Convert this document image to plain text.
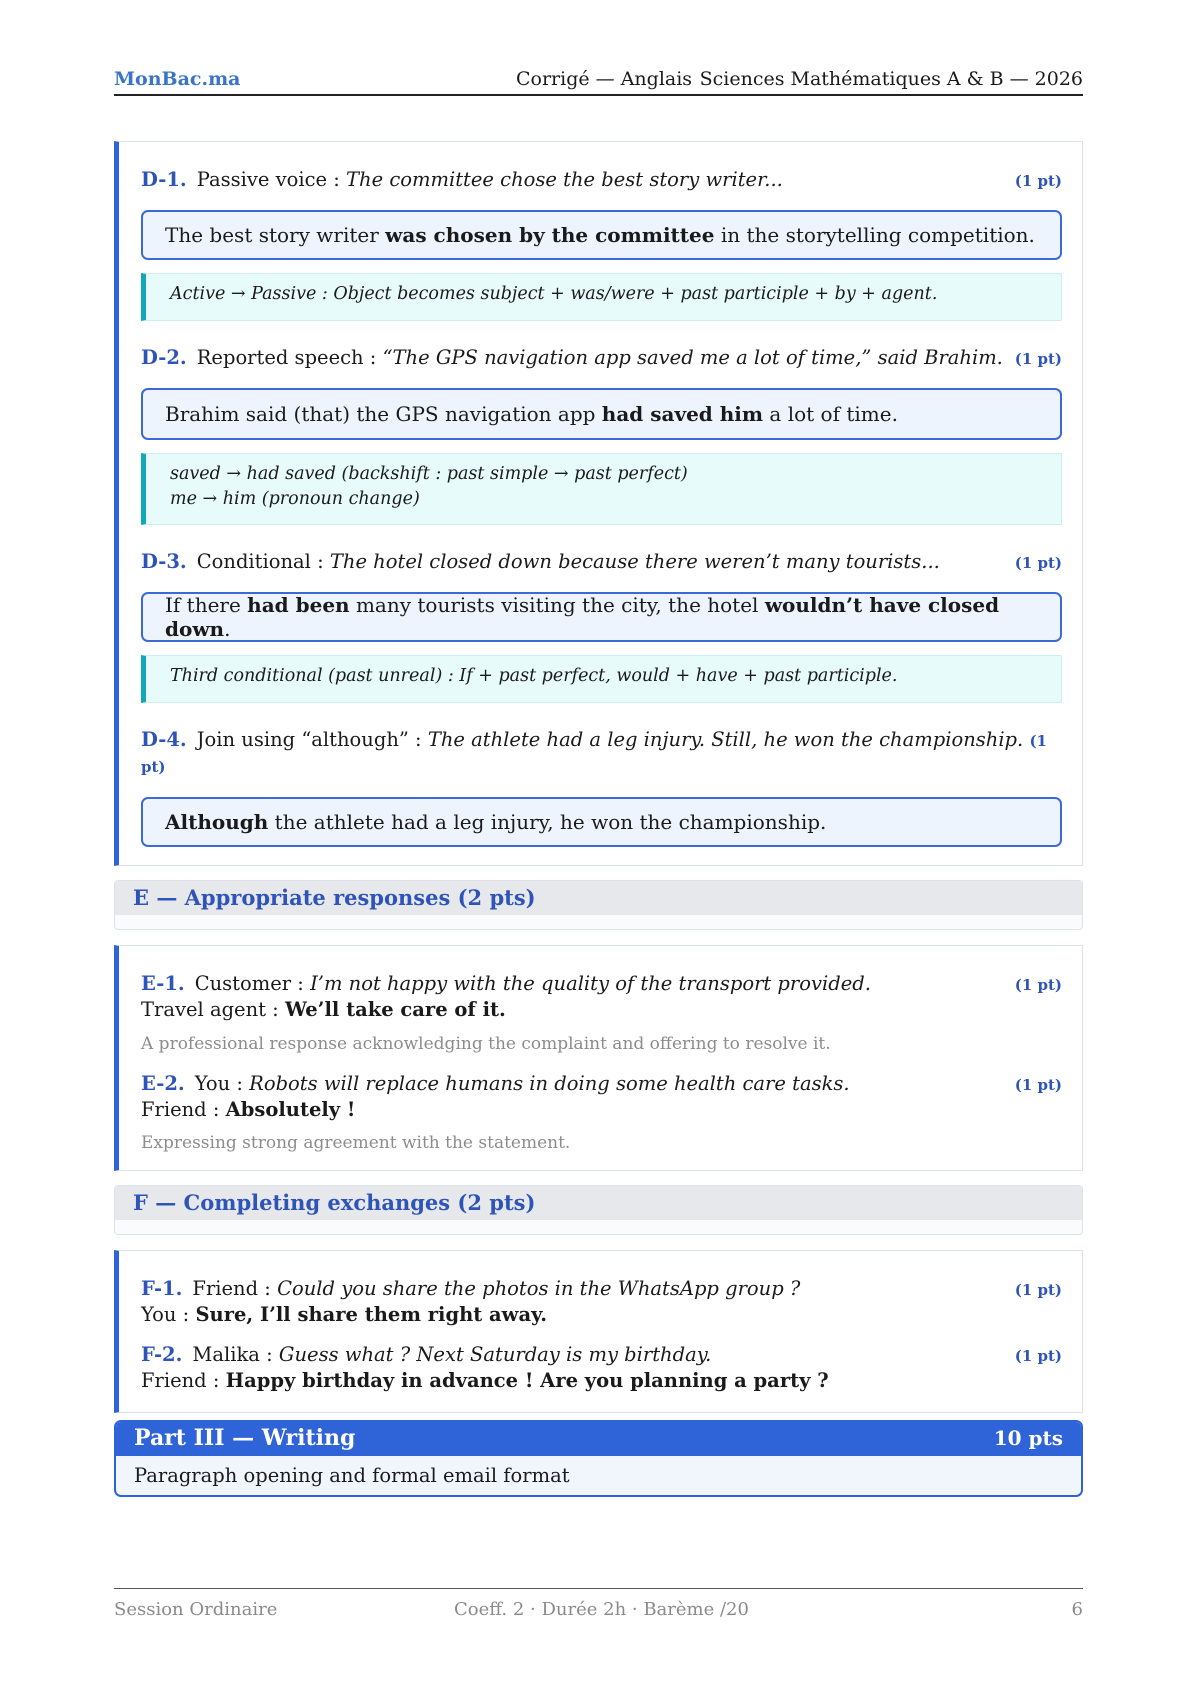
MonBac.ma	Corrigé — Anglais Sciences Mathématiques A & B — 2026
D-1. Passive voice : The committee chose the best story writer...	(1 pt)
The best story writer was chosen by the committee in the storytelling competition.
Active → Passive : Object becomes subject + was/were + past participle + by + agent.
D-2. Reported speech : “The GPS navigation app saved me a lot of time,” said Brahim. (1 pt)
Brahim said (that) the GPS navigation app had saved him a lot of time.
saved → had saved (backshift : past simple → past perfect)
me → him (pronoun change)
D-3. Conditional : The hotel closed down because there weren’t many tourists...	(1 pt)
If there had been many tourists visiting the city, the hotel wouldn’t have closed down.
Third conditional (past unreal) : If + past perfect, would + have + past participle.
D-4. Join using “although” : The athlete had a leg injury. Still, he won the championship. (1 pt)
Although the athlete had a leg injury, he won the championship.
E — Appropriate responses (2 pts)
E-1. Customer : I’m not happy with the quality of the transport provided.	(1 pt)
Travel agent : We’ll take care of it.
A professional response acknowledging the complaint and offering to resolve it.
E-2. You : Robots will replace humans in doing some health care tasks.	(1 pt)
Friend : Absolutely !
Expressing strong agreement with the statement.
F — Completing exchanges (2 pts)
F-1. Friend : Could you share the photos in the WhatsApp group ?	(1 pt)
You : Sure, I’ll share them right away.
F-2. Malika : Guess what ? Next Saturday is my birthday.	(1 pt)
Friend : Happy birthday in advance ! Are you planning a party ?
Part III — Writing	10 pts
Paragraph opening and formal email format
Session Ordinaire	Coeff. 2 · Durée 2h · Barème /20	6
